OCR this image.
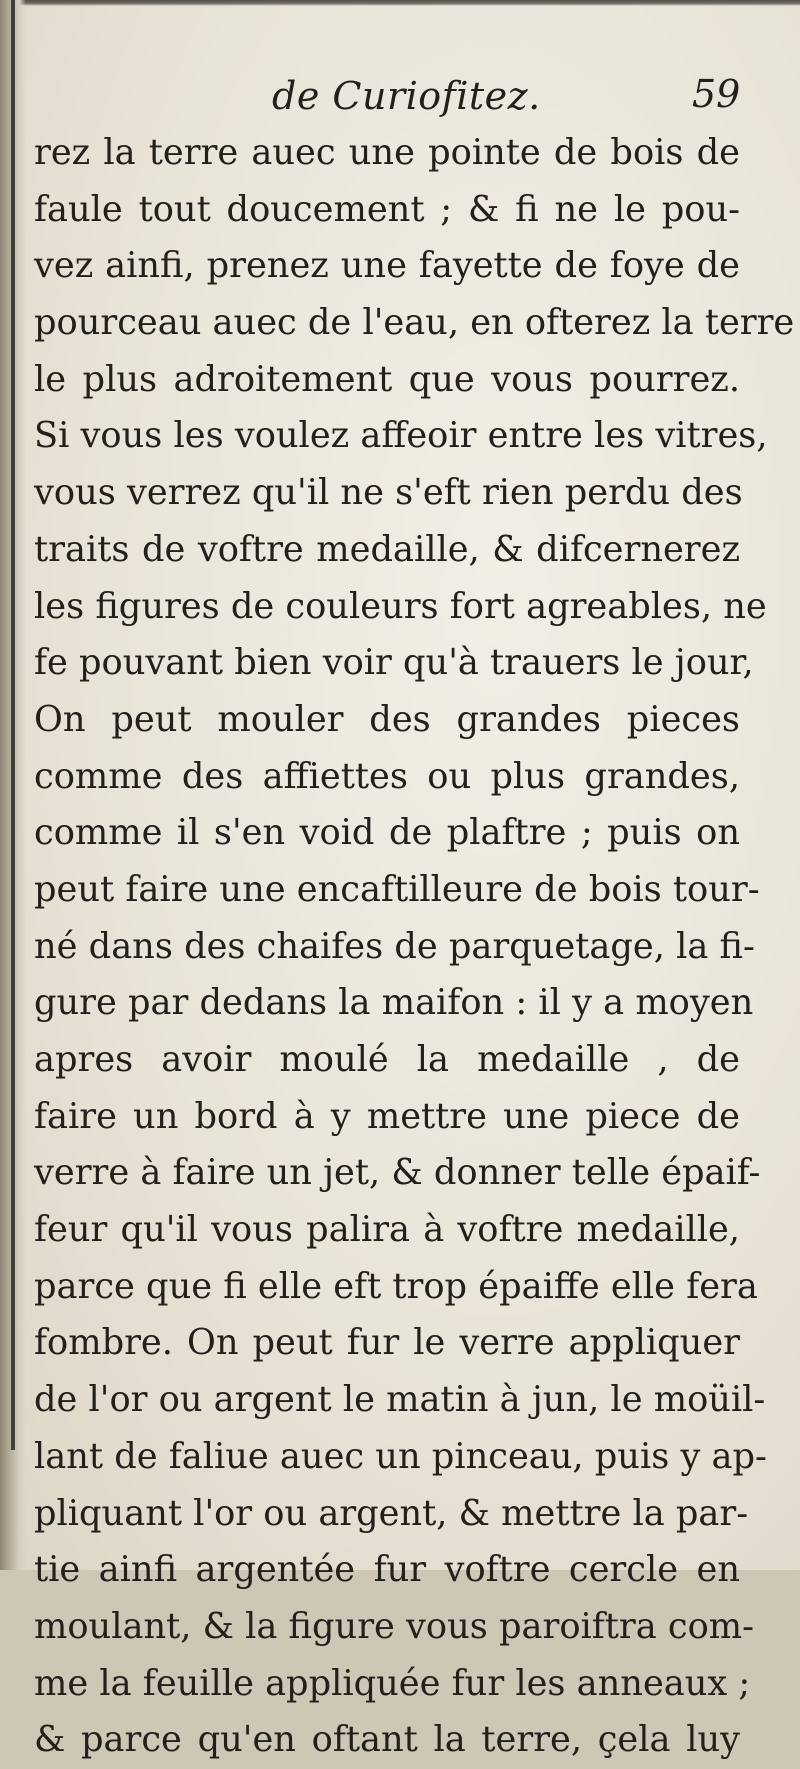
de Curiofitez.	59
rez la terre auec une pointe de bois de
faule tout doucement ; & fi ne le pou-
vez ainfi, prenez une fayette de foye de
pourceau auec de l'eau, en ofterez la terre
le plus adroitement que vous pourrez.
Si vous les voulez affeoir entre les vitres,
vous verrez qu'il ne s'eft rien perdu des
traits de voftre medaille, & difcernerez
les figures de couleurs fort agreables, ne
fe pouvant bien voir qu'à trauers le jour,
On peut mouler des grandes pieces
comme des affiettes ou plus grandes,
comme il s'en void de plaftre ; puis on
peut faire une encaftilleure de bois tour-
né dans des chaifes de parquetage, la fi-
gure par dedans la maifon : il y a moyen
apres avoir moulé la medaille , de
faire un bord à y mettre une piece de
verre à faire un jet, & donner telle épaif-
feur qu'il vous palira à voftre medaille,
parce que fi elle eft trop épaiffe elle fera
fombre. On peut fur le verre appliquer
de l'or ou argent le matin à jun, le moüil-
lant de faliue auec un pinceau, puis y ap-
pliquant l'or ou argent, & mettre la par-
tie ainfi argentée fur voftre cercle en
moulant, & la figure vous paroiftra com-
me la feuille appliquée fur les anneaux ;
& parce qu'en oftant la terre, çela luy
